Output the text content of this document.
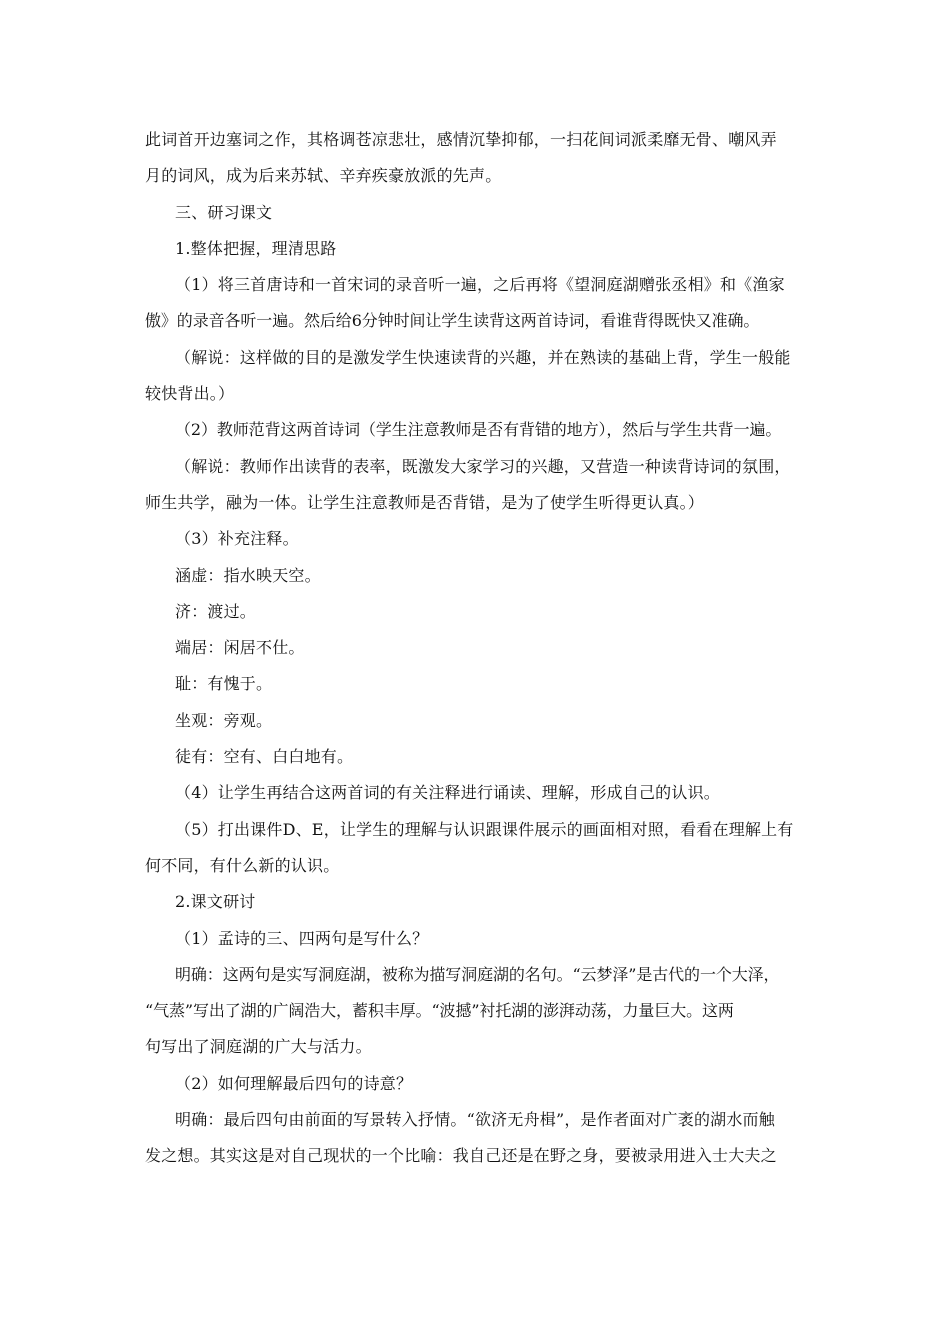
此词首开边塞词之作，其格调苍凉悲壮，感情沉挚抑郁，一扫花间词派柔靡无骨、嘲风弄
月的词风，成为后来苏轼、辛弃疾豪放派的先声。
三、研习课文
1.整体把握，理清思路
（1）将三首唐诗和一首宋词的录音听一遍，之后再将《望洞庭湖赠张丞相》和《渔家
傲》的录音各听一遍。然后给6分钟时间让学生读背这两首诗词，看谁背得既快又准确。
（解说：这样做的目的是激发学生快速读背的兴趣，并在熟读的基础上背，学生一般能
较快背出。）
（2）教师范背这两首诗词（学生注意教师是否有背错的地方），然后与学生共背一遍。
（解说：教师作出读背的表率，既激发大家学习的兴趣，又营造一种读背诗词的氛围，
师生共学，融为一体。让学生注意教师是否背错，是为了使学生听得更认真。）
（3）补充注释。
涵虚：指水映天空。
济：渡过。
端居：闲居不仕。
耻：有愧于。
坐观：旁观。
徒有：空有、白白地有。
（4）让学生再结合这两首词的有关注释进行诵读、理解，形成自己的认识。
（5）打出课件D、E，让学生的理解与认识跟课件展示的画面相对照，看看在理解上有
何不同，有什么新的认识。
2.课文研讨
（1）孟诗的三、四两句是写什么？
明确：这两句是实写洞庭湖，被称为描写洞庭湖的名句。“云梦泽”是古代的一个大泽，
“气蒸”写出了湖的广阔浩大，蓄积丰厚。“波撼”衬托湖的澎湃动荡，力量巨大。这两
句写出了洞庭湖的广大与活力。
（2）如何理解最后四句的诗意？
明确：最后四句由前面的写景转入抒情。“欲济无舟楫”，是作者面对广袤的湖水而触
发之想。其实这是对自己现状的一个比喻：我自己还是在野之身，要被录用进入士大夫之
